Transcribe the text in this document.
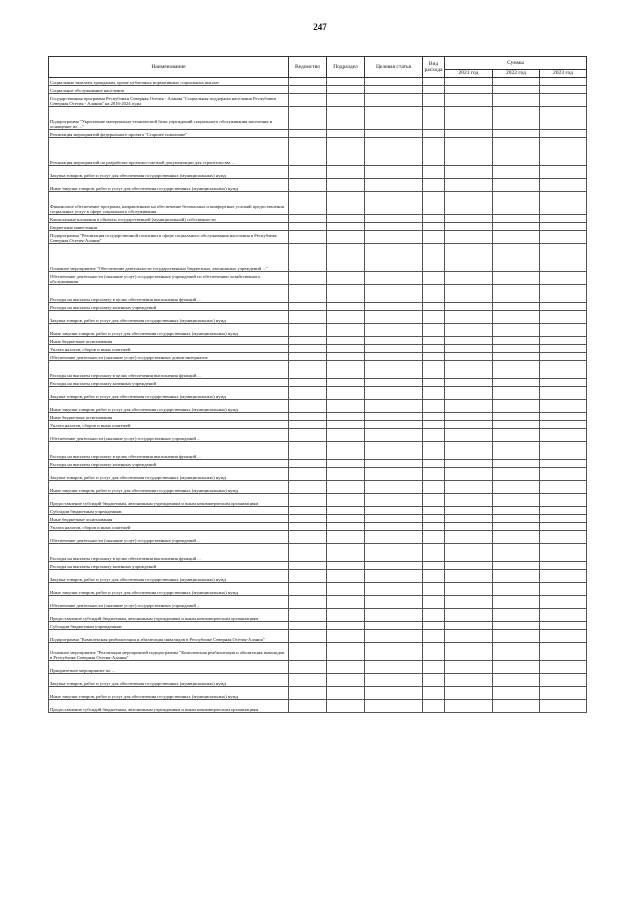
247
Наименование	Ведомство	Подраздел	Целевая статья	Вид расхода	Суммы		
					2021 год	2022 год	2023 год
Социальные выплаты гражданам, кроме публичных нормативных социальных выплат							
Социальное обслуживание населения							
Государственная программа Республики Северная Осетия - Алания "Социальная поддержка населения Республики Северная Осетия - Алания" на 2016-2024 годы							
Подпрограмма "Укрепление материально-технической базы учреждений социального обслуживания населения и оснащение их ..."							
Реализация мероприятий федерального проекта "Старшее поколение"							
Реализация мероприятий по разработке проектно-сметной документации для строительства ...							
Закупка товаров, работ и услуг для обеспечения государственных (муниципальных) нужд							
Иные закупки товаров, работ и услуг для обеспечения государственных (муниципальных) нужд							
Финансовое обеспечение программ, направленных на обеспечение безопасных и комфортных условий предоставления социальных услуг в сфере социального обслуживания							
Капитальные вложения в объекты государственной (муниципальной) собственности							
Бюджетные инвестиции							
Подпрограмма "Реализация государственной политики в сфере социального обслуживания населения в Республике Северная Осетия-Алания"							
Основное мероприятие "Обеспечение деятельности государственных бюджетных, автономных учреждений ..."							
Обеспечение деятельности (оказание услуг) государственных учреждений по обеспечению хозяйственного обслуживания							
Расходы на выплаты персоналу в целях обеспечения выполнения функций ...							
Расходы на выплаты персоналу казенных учреждений							
Закупка товаров, работ и услуг для обеспечения государственных (муниципальных) нужд							
Иные закупки товаров, работ и услуг для обеспечения государственных (муниципальных) нужд							
Иные бюджетные ассигнования							
Уплата налогов, сборов и иных платежей							
Обеспечение деятельности (оказание услуг) государственных домов-интернатов							
Расходы на выплаты персоналу в целях обеспечения выполнения функций ...							
Расходы на выплаты персоналу казенных учреждений							
Закупка товаров, работ и услуг для обеспечения государственных (муниципальных) нужд							
Иные закупки товаров, работ и услуг для обеспечения государственных (муниципальных) нужд							
Иные бюджетные ассигнования							
Уплата налогов, сборов и иных платежей							
Обеспечение деятельности (оказание услуг) государственных учреждений ...							
Расходы на выплаты персоналу в целях обеспечения выполнения функций ...							
Расходы на выплаты персоналу казенных учреждений							
Закупка товаров, работ и услуг для обеспечения государственных (муниципальных) нужд							
Иные закупки товаров, работ и услуг для обеспечения государственных (муниципальных) нужд							
Предоставление субсидий бюджетным, автономным учреждениям и иным некоммерческим организациям							
Субсидии бюджетным учреждениям							
Иные бюджетные ассигнования							
Уплата налогов, сборов и иных платежей							
Обеспечение деятельности (оказание услуг) государственных учреждений ...							
Расходы на выплаты персоналу в целях обеспечения выполнения функций ...							
Расходы на выплаты персоналу казенных учреждений							
Закупка товаров, работ и услуг для обеспечения государственных (муниципальных) нужд							
Иные закупки товаров, работ и услуг для обеспечения государственных (муниципальных) нужд							
Обеспечение деятельности (оказание услуг) государственных учреждений ...							
Предоставление субсидий бюджетным, автономным учреждениям и иным некоммерческим организациям							
Субсидии бюджетным учреждениям							
Подпрограмма "Комплексная реабилитация и абилитация инвалидов в Республике Северная Осетия-Алания"							
Основное мероприятие "Реализация мероприятий подпрограммы "Комплексная реабилитация и абилитация инвалидов в Республике Северная Осетия-Алания"							
Приоритетное мероприятие по ...							
Закупка товаров, работ и услуг для обеспечения государственных (муниципальных) нужд							
Иные закупки товаров, работ и услуг для обеспечения государственных (муниципальных) нужд							
Предоставление субсидий бюджетным, автономным учреждениям и иным некоммерческим организациям							
